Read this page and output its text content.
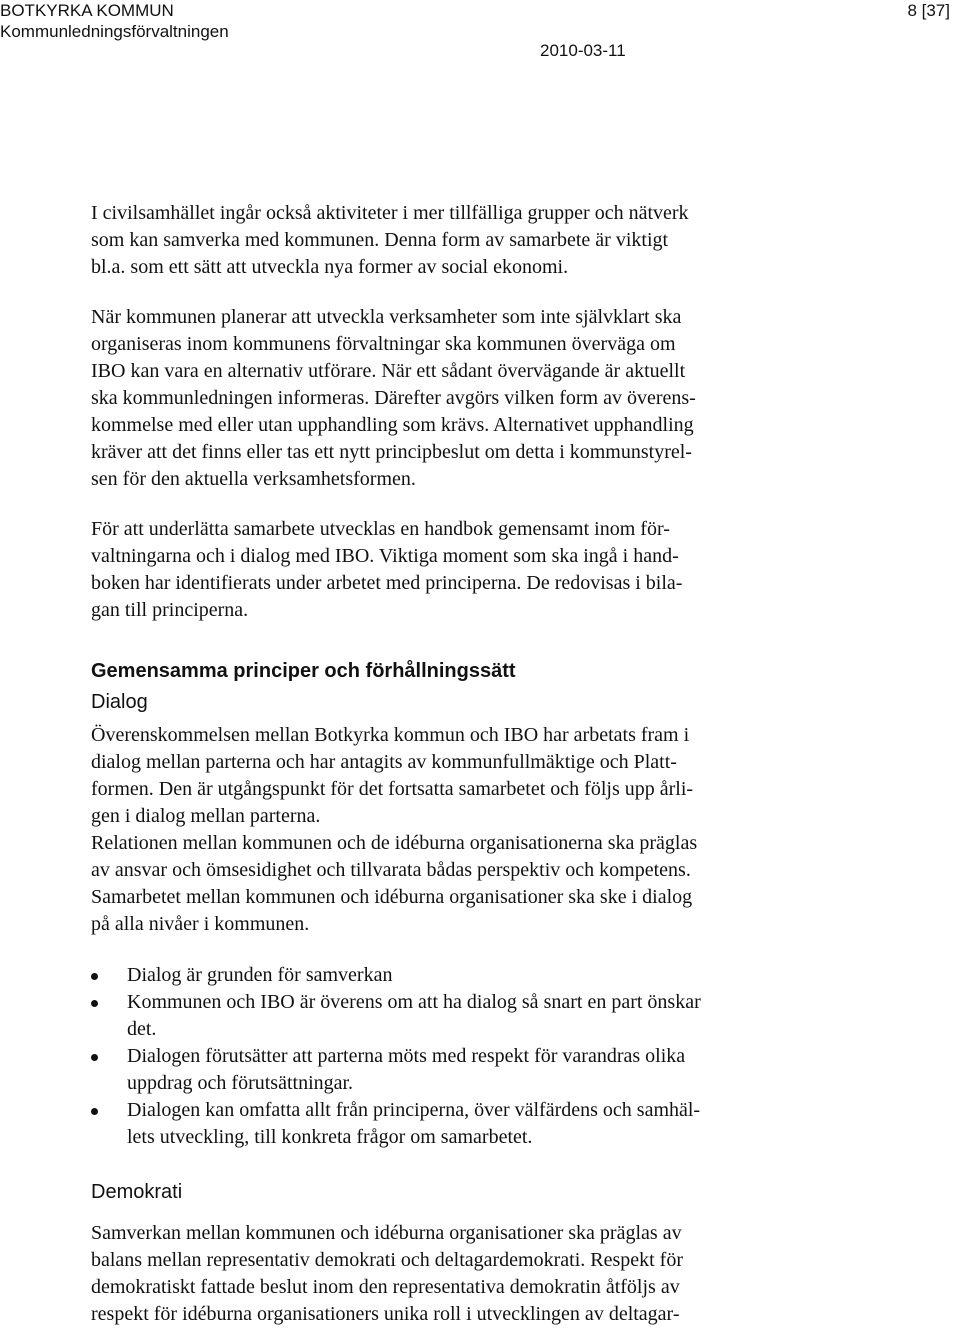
BOTKYRKA KOMMUN
Kommunledningsförvaltningen
8 [37]
2010-03-11

I civilsamhället ingår också aktiviteter i mer tillfälliga grupper och nätverk
som kan samverka med kommunen. Denna form av samarbete är viktigt
bl.a. som ett sätt att utveckla nya former av social ekonomi.

När kommunen planerar att utveckla verksamheter som inte självklart ska
organiseras inom kommunens förvaltningar ska kommunen överväga om
IBO kan vara en alternativ utförare. När ett sådant övervägande är aktuellt
ska kommunledningen informeras. Därefter avgörs vilken form av överens-
kommelse med eller utan upphandling som krävs. Alternativet upphandling
kräver att det finns eller tas ett nytt principbeslut om detta i kommunstyrel-
sen för den aktuella verksamhetsformen.

För att underlätta samarbete utvecklas en handbok gemensamt inom för-
valtningarna och i dialog med IBO. Viktiga moment som ska ingå i hand-
boken har identifierats under arbetet med principerna. De redovisas i bila-
gan till principerna.

Gemensamma principer och förhållningssätt
Dialog

Överenskommelsen mellan Botkyrka kommun och IBO har arbetats fram i
dialog mellan parterna och har antagits av kommunfullmäktige och Platt-
formen. Den är utgångspunkt för det fortsatta samarbetet och följs upp årli-
gen i dialog mellan parterna.
Relationen mellan kommunen och de idéburna organisationerna ska präglas
av ansvar och ömsesidighet och tillvarata bådas perspektiv och kompetens.
Samarbetet mellan kommunen och idéburna organisationer ska ske i dialog
på alla nivåer i kommunen.

Dialog är grunden för samverkan
Kommunen och IBO är överens om att ha dialog så snart en part önskar
det.
Dialogen förutsätter att parterna möts med respekt för varandras olika
uppdrag och förutsättningar.
Dialogen kan omfatta allt från principerna, över välfärdens och samhäl-
lets utveckling, till konkreta frågor om samarbetet.
Demokrati

Samverkan mellan kommunen och idéburna organisationer ska präglas av
balans mellan representativ demokrati och deltagardemokrati. Respekt för
demokratiskt fattade beslut inom den representativa demokratin åtföljs av
respekt för idéburna organisationers unika roll i utvecklingen av deltagar-
